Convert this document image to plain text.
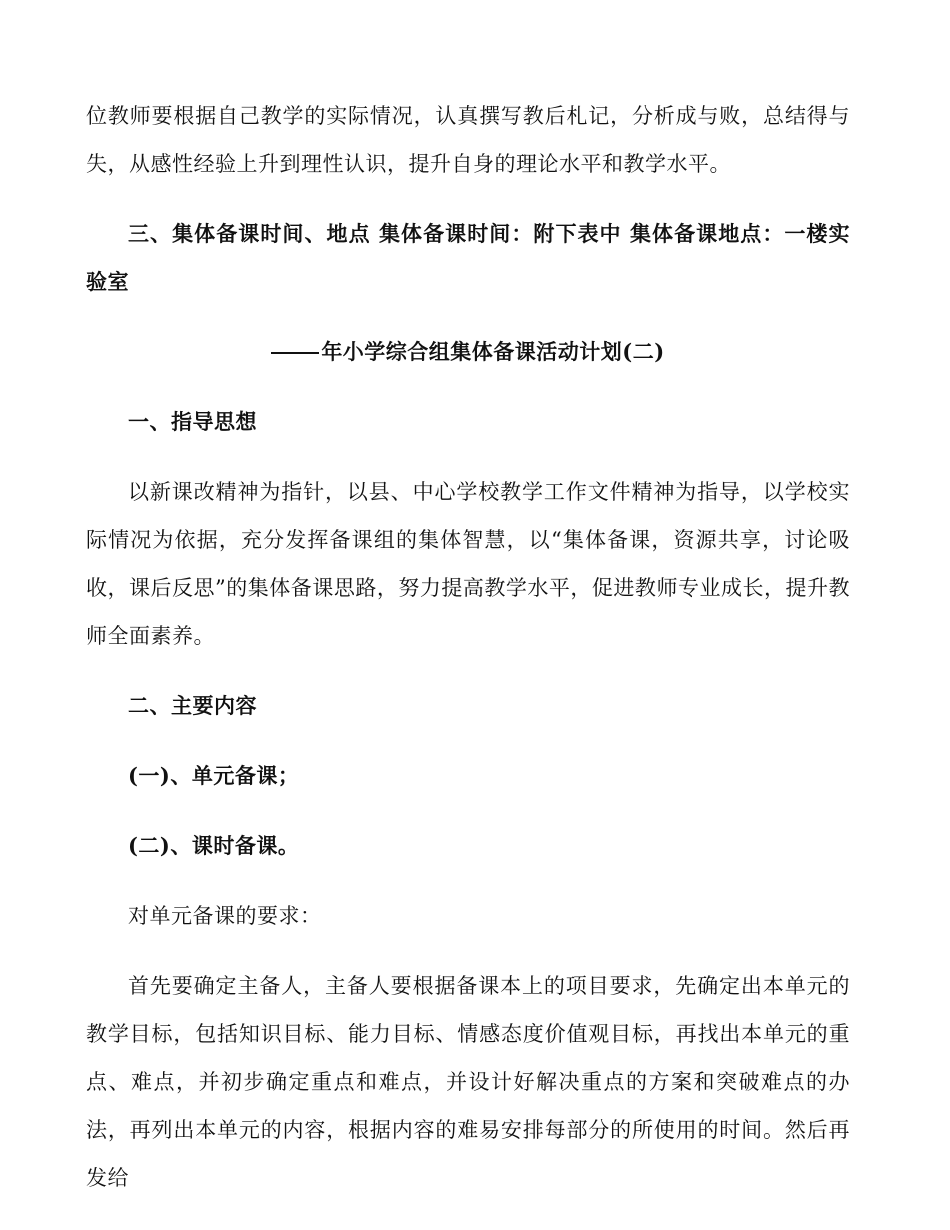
位教师要根据自己教学的实际情况，认真撰写教后札记，分析成与败，总结得与失，从感性经验上升到理性认识，提升自身的理论水平和教学水平。

三、集体备课时间、地点 集体备课时间：附下表中 集体备课地点：一楼实验室

年小学综合组集体备课活动计划(二)

一、指导思想

以新课改精神为指针，以县、中心学校教学工作文件精神为指导，以学校实际情况为依据，充分发挥备课组的集体智慧，以“集体备课，资源共享，讨论吸收，课后反思”的集体备课思路，努力提高教学水平，促进教师专业成长，提升教师全面素养。

二、主要内容

(一)、单元备课；

(二)、课时备课。

对单元备课的要求：

首先要确定主备人，主备人要根据备课本上的项目要求，先确定出本单元的教学目标，包括知识目标、能力目标、情感态度价值观目标，再找出本单元的重点、难点，并初步确定重点和难点，并设计好解决重点的方案和突破难点的办法，再列出本单元的内容，根据内容的难易安排每部分的所使用的时间。然后再发给
